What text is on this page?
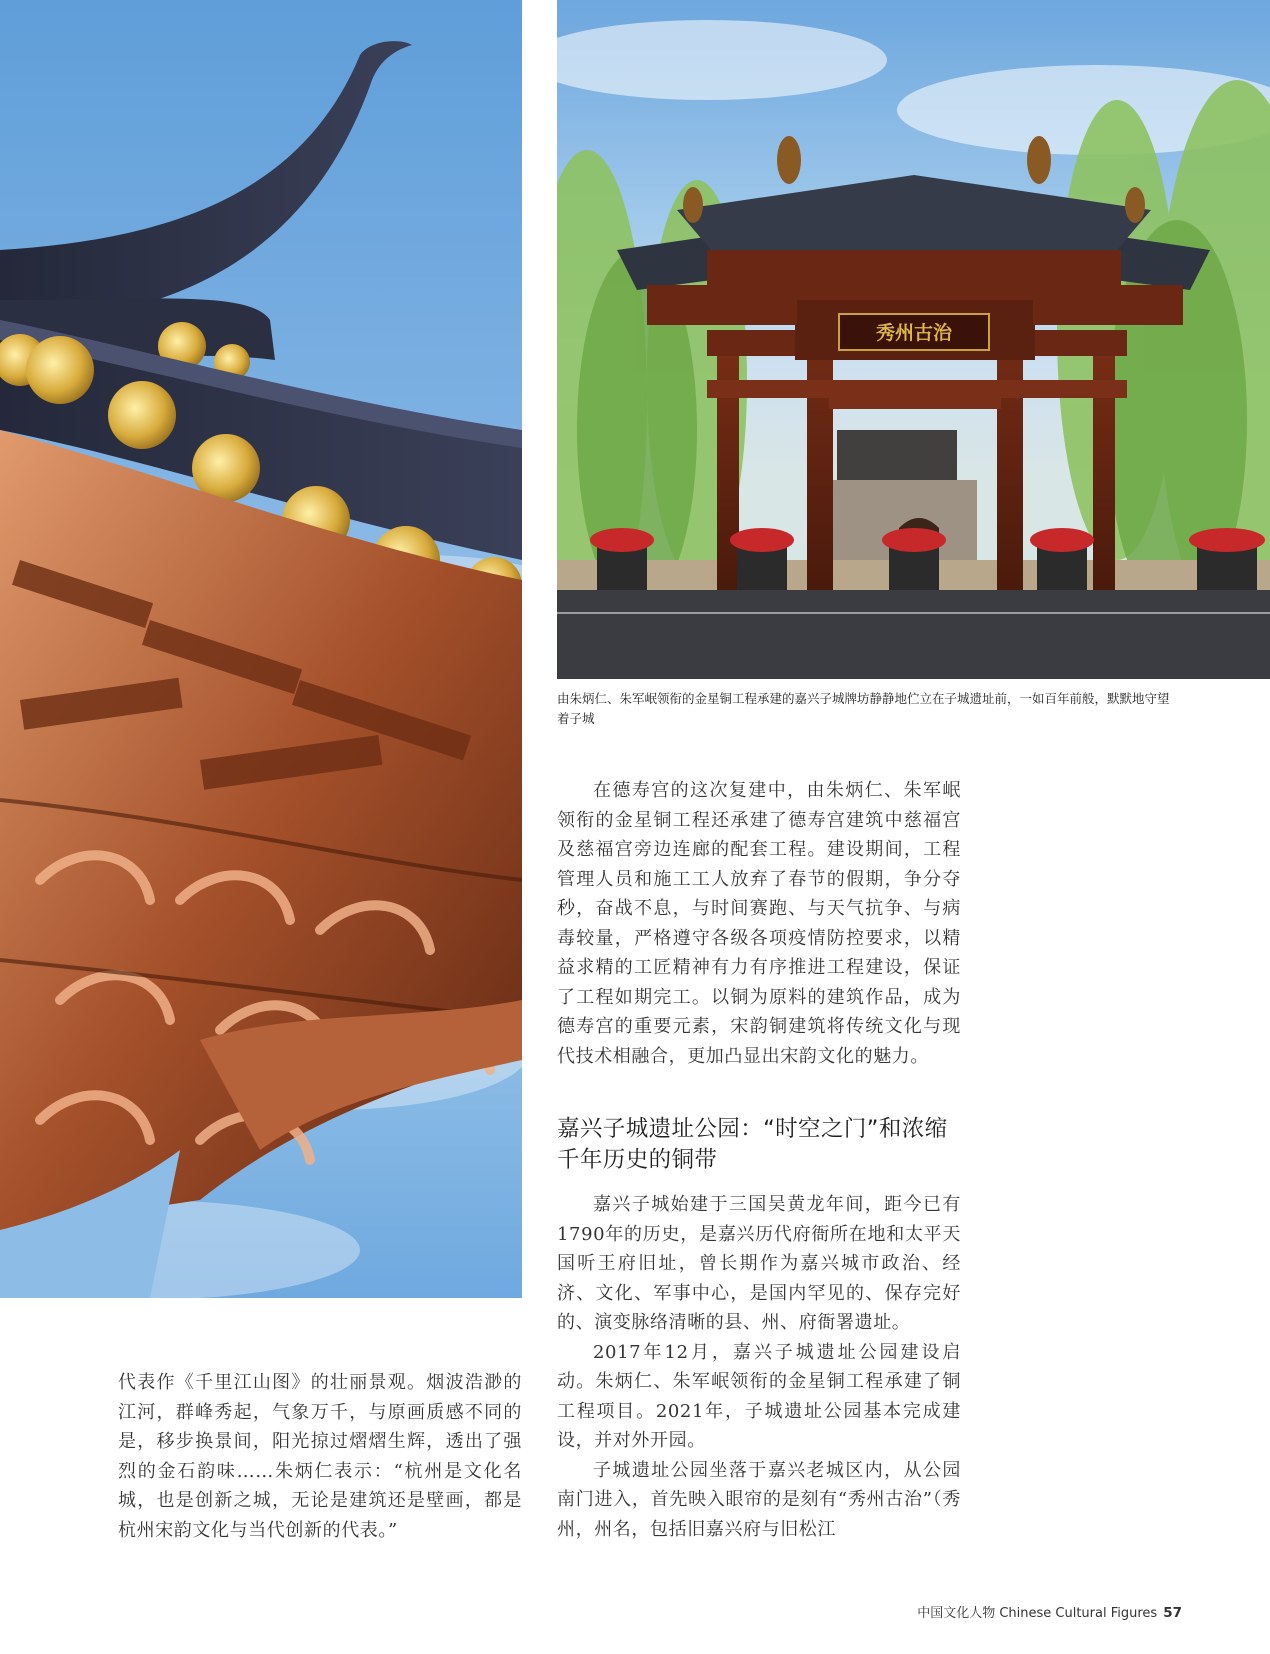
秀州古治
由朱炳仁、朱军岷领衔的金星铜工程承建的嘉兴子城牌坊静静地伫立在子城遗址前，一如百年前般，默默地守望着子城

在德寿宫的这次复建中，由朱炳仁、朱军岷领衔的金星铜工程还承建了德寿宫建筑中慈福宫及慈福宫旁边连廊的配套工程。建设期间，工程管理人员和施工工人放弃了春节的假期，争分夺秒，奋战不息，与时间赛跑、与天气抗争、与病毒较量，严格遵守各级各项疫情防控要求，以精益求精的工匠精神有力有序推进工程建设，保证了工程如期完工。以铜为原料的建筑作品，成为德寿宫的重要元素，宋韵铜建筑将传统文化与现代技术相融合，更加凸显出宋韵文化的魅力。

嘉兴子城遗址公园：“时空之门”和浓缩千年历史的铜带

嘉兴子城始建于三国吴黄龙年间，距今已有1790年的历史，是嘉兴历代府衙所在地和太平天国听王府旧址，曾长期作为嘉兴城市政治、经济、文化、军事中心，是国内罕见的、保存完好的、演变脉络清晰的县、州、府衙署遗址。

2017年12月，嘉兴子城遗址公园建设启动。朱炳仁、朱军岷领衔的金星铜工程承建了铜工程项目。2021年，子城遗址公园基本完成建设，并对外开园。

子城遗址公园坐落于嘉兴老城区内，从公园南门进入，首先映入眼帘的是刻有“秀州古治”（秀州，州名，包括旧嘉兴府与旧松江

代表作《千里江山图》的壮丽景观。烟波浩渺的江河，群峰秀起，气象万千，与原画质感不同的是，移步换景间，阳光掠过熠熠生辉，透出了强烈的金石韵味……朱炳仁表示：“杭州是文化名城，也是创新之城，无论是建筑还是壁画，都是杭州宋韵文化与当代创新的代表。”

中国文化人物 Chinese Cultural Figures 57
